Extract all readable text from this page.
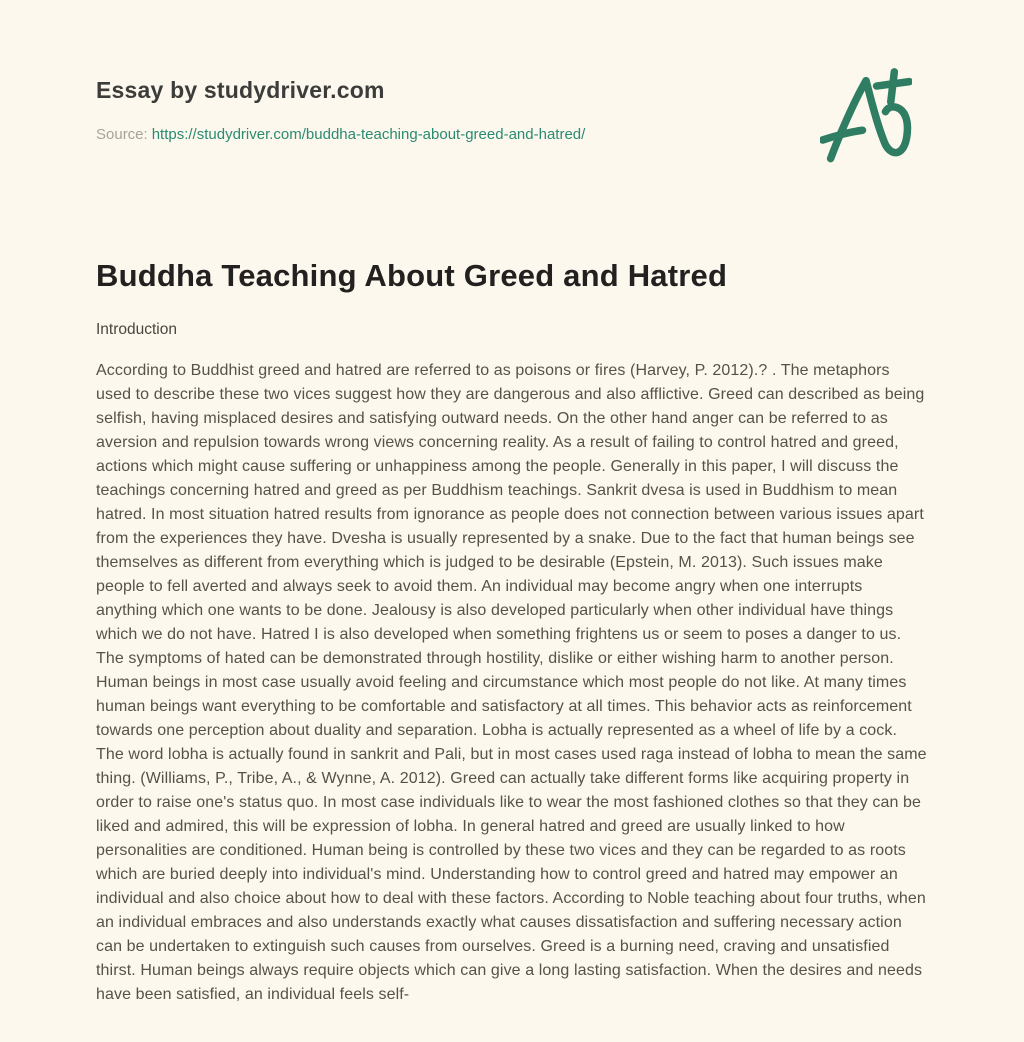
Essay by studydriver.com
Source: https://studydriver.com/buddha-teaching-about-greed-and-hatred/
Buddha Teaching About Greed and Hatred
Introduction

According to Buddhist greed and hatred are referred to as poisons or fires (Harvey, P. 2012).? . The metaphors used to describe these two vices suggest how they are dangerous and also afflictive. Greed can described as being selfish, having misplaced desires and satisfying outward needs. On the other hand anger can be referred to as aversion and repulsion towards wrong views concerning reality. As a result of failing to control hatred and greed, actions which might cause suffering or unhappiness among the people. Generally in this paper, I will discuss the teachings concerning hatred and greed as per Buddhism teachings. Sankrit dvesa is used in Buddhism to mean hatred. In most situation hatred results from ignorance as people does not connection between various issues apart from the experiences they have. Dvesha is usually represented by a snake. Due to the fact that human beings see themselves as different from everything which is judged to be desirable (Epstein, M. 2013). Such issues make people to fell averted and always seek to avoid them. An individual may become angry when one interrupts anything which one wants to be done. Jealousy is also developed particularly when other individual have things which we do not have. Hatred I is also developed when something frightens us or seem to poses a danger to us. The symptoms of hated can be demonstrated through hostility, dislike or either wishing harm to another person. Human beings in most case usually avoid feeling and circumstance which most people do not like. At many times human beings want everything to be comfortable and satisfactory at all times. This behavior acts as reinforcement towards one perception about duality and separation. Lobha is actually represented as a wheel of life by a cock. The word lobha is actually found in sankrit and Pali, but in most cases used raga instead of lobha to mean the same thing. (Williams, P., Tribe, A., & Wynne, A. 2012). Greed can actually take different forms like acquiring property in order to raise one's status quo. In most case individuals like to wear the most fashioned clothes so that they can be liked and admired, this will be expression of lobha. In general hatred and greed are usually linked to how personalities are conditioned. Human being is controlled by these two vices and they can be regarded to as roots which are buried deeply into individual's mind. Understanding how to control greed and hatred may empower an individual and also choice about how to deal with these factors. According to Noble teaching about four truths, when an individual embraces and also understands exactly what causes dissatisfaction and suffering necessary action can be undertaken to extinguish such causes from ourselves. Greed is a burning need, craving and unsatisfied thirst. Human beings always require objects which can give a long lasting satisfaction. When the desires and needs have been satisfied, an individual feels self-
